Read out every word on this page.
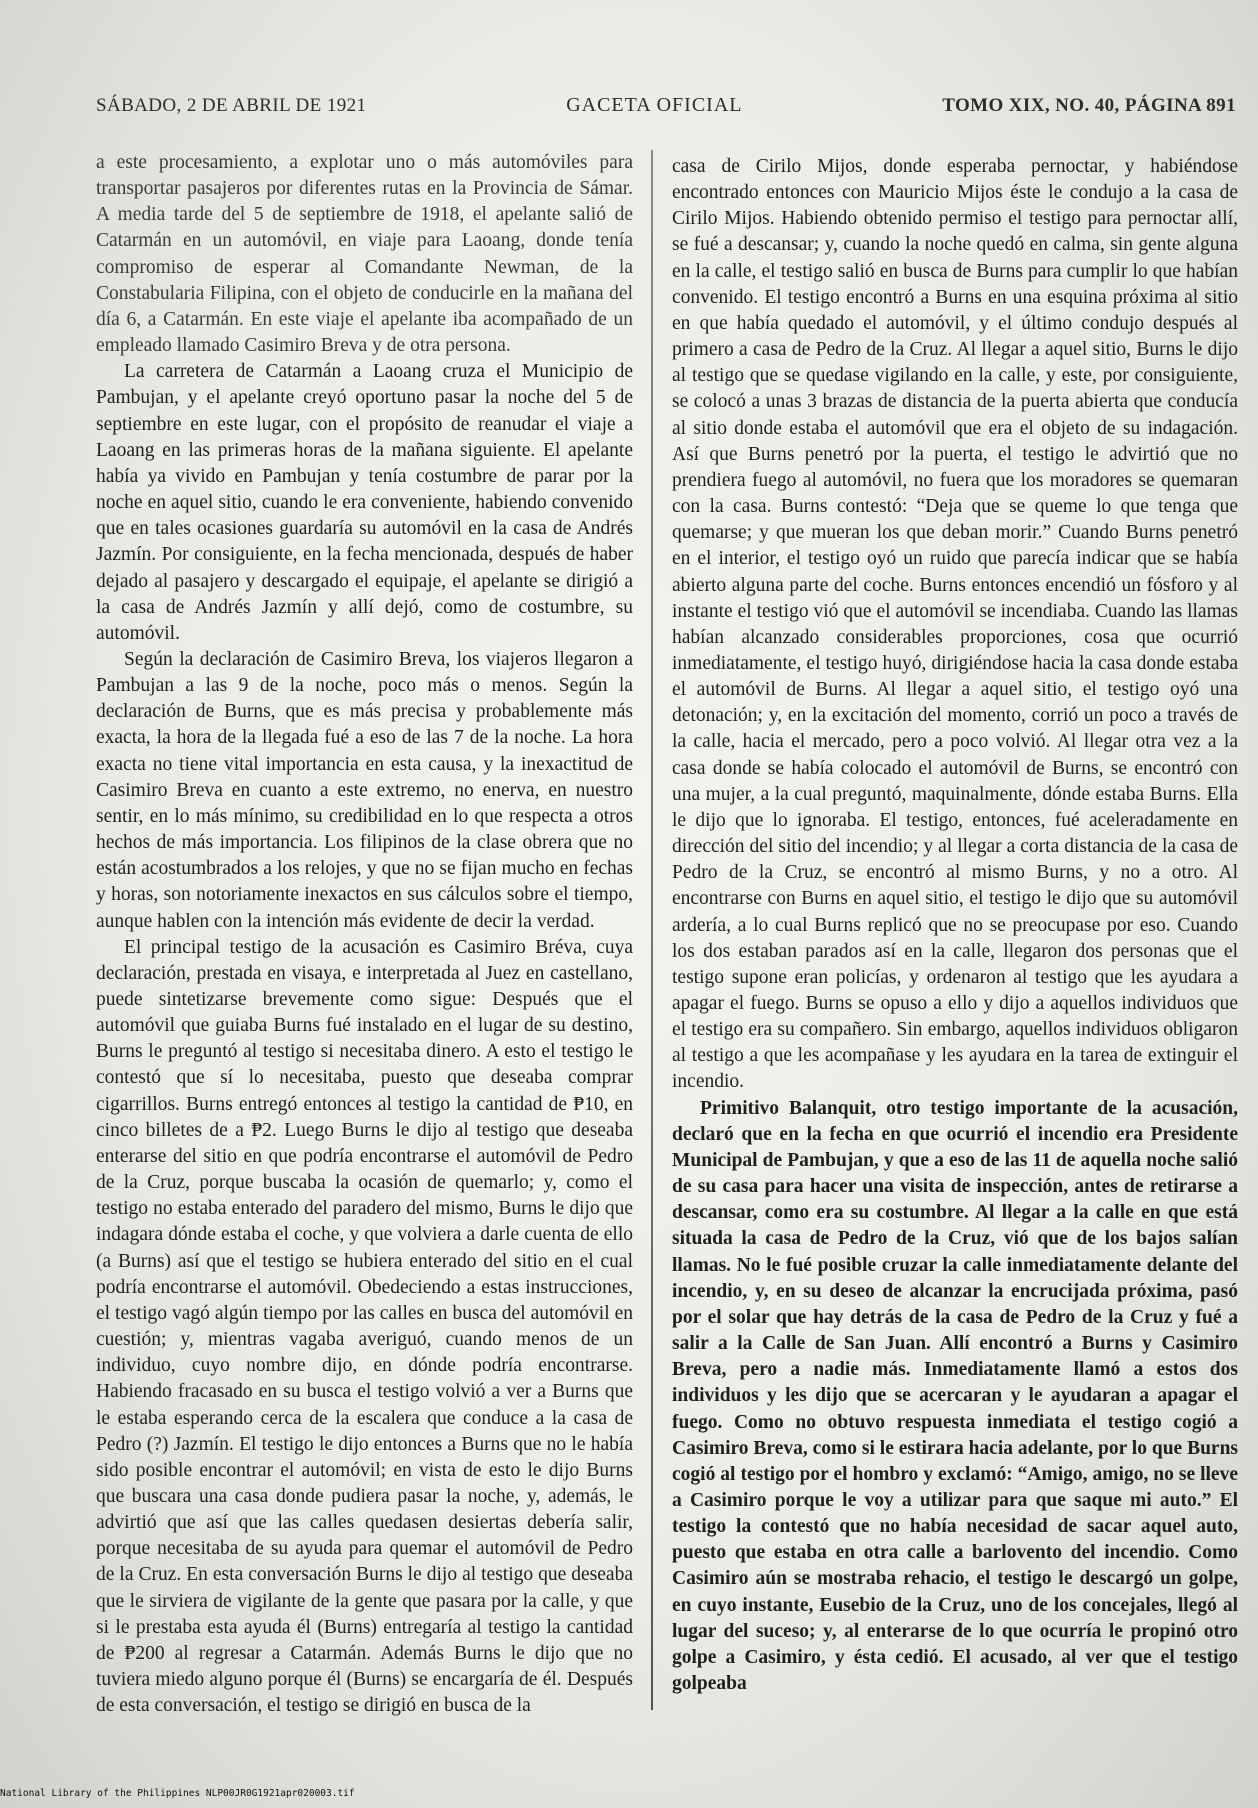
SÁBADO, 2 DE ABRIL DE 1921	GACETA OFICIAL	TOMO XIX, NO. 40, PÁGINA 891

a este procesamiento, a explotar uno o más automóviles para transportar pasajeros por diferentes rutas en la Provincia de Sámar. A media tarde del 5 de septiembre de 1918, el apelante salió de Catarmán en un automóvil, en viaje para Laoang, donde tenía compromiso de esperar al Comandante Newman, de la Constabularia Filipina, con el objeto de conducirle en la mañana del día 6, a Catarmán. En este viaje el apelante iba acompañado de un empleado llamado Casimiro Breva y de otra persona.

La carretera de Catarmán a Laoang cruza el Municipio de Pambujan, y el apelante creyó oportuno pasar la noche del 5 de septiembre en este lugar, con el propósito de reanudar el viaje a Laoang en las primeras horas de la mañana siguiente. El apelante había ya vivido en Pambujan y tenía costumbre de parar por la noche en aquel sitio, cuando le era conveniente, habiendo convenido que en tales ocasiones guardaría su automóvil en la casa de Andrés Jazmín. Por consiguiente, en la fecha mencionada, después de haber dejado al pasajero y descargado el equipaje, el apelante se dirigió a la casa de Andrés Jazmín y allí dejó, como de costumbre, su automóvil.

Según la declaración de Casimiro Breva, los viajeros llegaron a Pambujan a las 9 de la noche, poco más o menos. Según la declaración de Burns, que es más precisa y probablemente más exacta, la hora de la llegada fué a eso de las 7 de la noche. La hora exacta no tiene vital importancia en esta causa, y la inexactitud de Casimiro Breva en cuanto a este extremo, no enerva, en nuestro sentir, en lo más mínimo, su credibilidad en lo que respecta a otros hechos de más importancia. Los filipinos de la clase obrera que no están acostumbrados a los relojes, y que no se fijan mucho en fechas y horas, son notoriamente inexactos en sus cálculos sobre el tiempo, aunque hablen con la intención más evidente de decir la verdad.

El principal testigo de la acusación es Casimiro Bréva, cuya declaración, prestada en visaya, e interpretada al Juez en castellano, puede sintetizarse brevemente como sigue: Después que el automóvil que guiaba Burns fué instalado en el lugar de su destino, Burns le preguntó al testigo si necesitaba dinero. A esto el testigo le contestó que sí lo necesitaba, puesto que deseaba comprar cigarrillos. Burns entregó entonces al testigo la cantidad de ₱10, en cinco billetes de a ₱2. Luego Burns le dijo al testigo que deseaba enterarse del sitio en que podría encontrarse el automóvil de Pedro de la Cruz, porque buscaba la ocasión de quemarlo; y, como el testigo no estaba enterado del paradero del mismo, Burns le dijo que indagara dónde estaba el coche, y que volviera a darle cuenta de ello (a Burns) así que el testigo se hubiera enterado del sitio en el cual podría encontrarse el automóvil. Obedeciendo a estas instrucciones, el testigo vagó algún tiempo por las calles en busca del automóvil en cuestión; y, mientras vagaba averiguó, cuando menos de un individuo, cuyo nombre dijo, en dónde podría encontrarse. Habiendo fracasado en su busca el testigo volvió a ver a Burns que le estaba esperando cerca de la escalera que conduce a la casa de Pedro (?) Jazmín. El testigo le dijo entonces a Burns que no le había sido posible encontrar el automóvil; en vista de esto le dijo Burns que buscara una casa donde pudiera pasar la noche, y, además, le advirtió que así que las calles quedasen desiertas debería salir, porque necesitaba de su ayuda para quemar el automóvil de Pedro de la Cruz. En esta conversación Burns le dijo al testigo que deseaba que le sirviera de vigilante de la gente que pasara por la calle, y que si le prestaba esta ayuda él (Burns) entregaría al testigo la cantidad de ₱200 al regresar a Catarmán. Además Burns le dijo que no tuviera miedo alguno porque él (Burns) se encargaría de él. Después de esta conversación, el testigo se dirigió en busca de la

casa de Cirilo Mijos, donde esperaba pernoctar, y habiéndose encontrado entonces con Mauricio Mijos éste le condujo a la casa de Cirilo Mijos. Habiendo obtenido permiso el testigo para pernoctar allí, se fué a descansar; y, cuando la noche quedó en calma, sin gente alguna en la calle, el testigo salió en busca de Burns para cumplir lo que habían convenido. El testigo encontró a Burns en una esquina próxima al sitio en que había quedado el automóvil, y el último condujo después al primero a casa de Pedro de la Cruz. Al llegar a aquel sitio, Burns le dijo al testigo que se quedase vigilando en la calle, y este, por consiguiente, se colocó a unas 3 brazas de distancia de la puerta abierta que conducía al sitio donde estaba el automóvil que era el objeto de su indagación. Así que Burns penetró por la puerta, el testigo le advirtió que no prendiera fuego al automóvil, no fuera que los moradores se quemaran con la casa. Burns contestó: “Deja que se queme lo que tenga que quemarse; y que mueran los que deban morir.” Cuando Burns penetró en el interior, el testigo oyó un ruido que parecía indicar que se había abierto alguna parte del coche. Burns entonces encendió un fósforo y al instante el testigo vió que el automóvil se incendiaba. Cuando las llamas habían alcanzado considerables proporciones, cosa que ocurrió inmediatamente, el testigo huyó, dirigiéndose hacia la casa donde estaba el automóvil de Burns. Al llegar a aquel sitio, el testigo oyó una detonación; y, en la excitación del momento, corrió un poco a través de la calle, hacia el mercado, pero a poco volvió. Al llegar otra vez a la casa donde se había colocado el automóvil de Burns, se encontró con una mujer, a la cual preguntó, maquinalmente, dónde estaba Burns. Ella le dijo que lo ignoraba. El testigo, entonces, fué aceleradamente en dirección del sitio del incendio; y al llegar a corta distancia de la casa de Pedro de la Cruz, se encontró al mismo Burns, y no a otro. Al encontrarse con Burns en aquel sitio, el testigo le dijo que su automóvil ardería, a lo cual Burns replicó que no se preocupase por eso. Cuando los dos estaban parados así en la calle, llegaron dos personas que el testigo supone eran policías, y ordenaron al testigo que les ayudara a apagar el fuego. Burns se opuso a ello y dijo a aquellos individuos que el testigo era su compañero. Sin embargo, aquellos individuos obligaron al testigo a que les acompañase y les ayudara en la tarea de extinguir el incendio.

Primitivo Balanquit, otro testigo importante de la acusación, declaró que en la fecha en que ocurrió el incendio era Presidente Municipal de Pambujan, y que a eso de las 11 de aquella noche salió de su casa para hacer una visita de inspección, antes de retirarse a descansar, como era su costumbre. Al llegar a la calle en que está situada la casa de Pedro de la Cruz, vió que de los bajos salían llamas. No le fué posible cruzar la calle inmediatamente delante del incendio, y, en su deseo de alcanzar la encrucijada próxima, pasó por el solar que hay detrás de la casa de Pedro de la Cruz y fué a salir a la Calle de San Juan. Allí encontró a Burns y Casimiro Breva, pero a nadie más. Inmediatamente llamó a estos dos individuos y les dijo que se acercaran y le ayudaran a apagar el fuego. Como no obtuvo respuesta inmediata el testigo cogió a Casimiro Breva, como si le estirara hacia adelante, por lo que Burns cogió al testigo por el hombro y exclamó: “Amigo, amigo, no se lleve a Casimiro porque le voy a utilizar para que saque mi auto.” El testigo la contestó que no había necesidad de sacar aquel auto, puesto que estaba en otra calle a barlovento del incendio. Como Casimiro aún se mostraba rehacio, el testigo le descargó un golpe, en cuyo instante, Eusebio de la Cruz, uno de los concejales, llegó al lugar del suceso; y, al enterarse de lo que ocurría le propinó otro golpe a Casimiro, y ésta cedió. El acusado, al ver que el testigo golpeaba

National Library of the Philippines NLP00JR0G1921apr020003.tif
